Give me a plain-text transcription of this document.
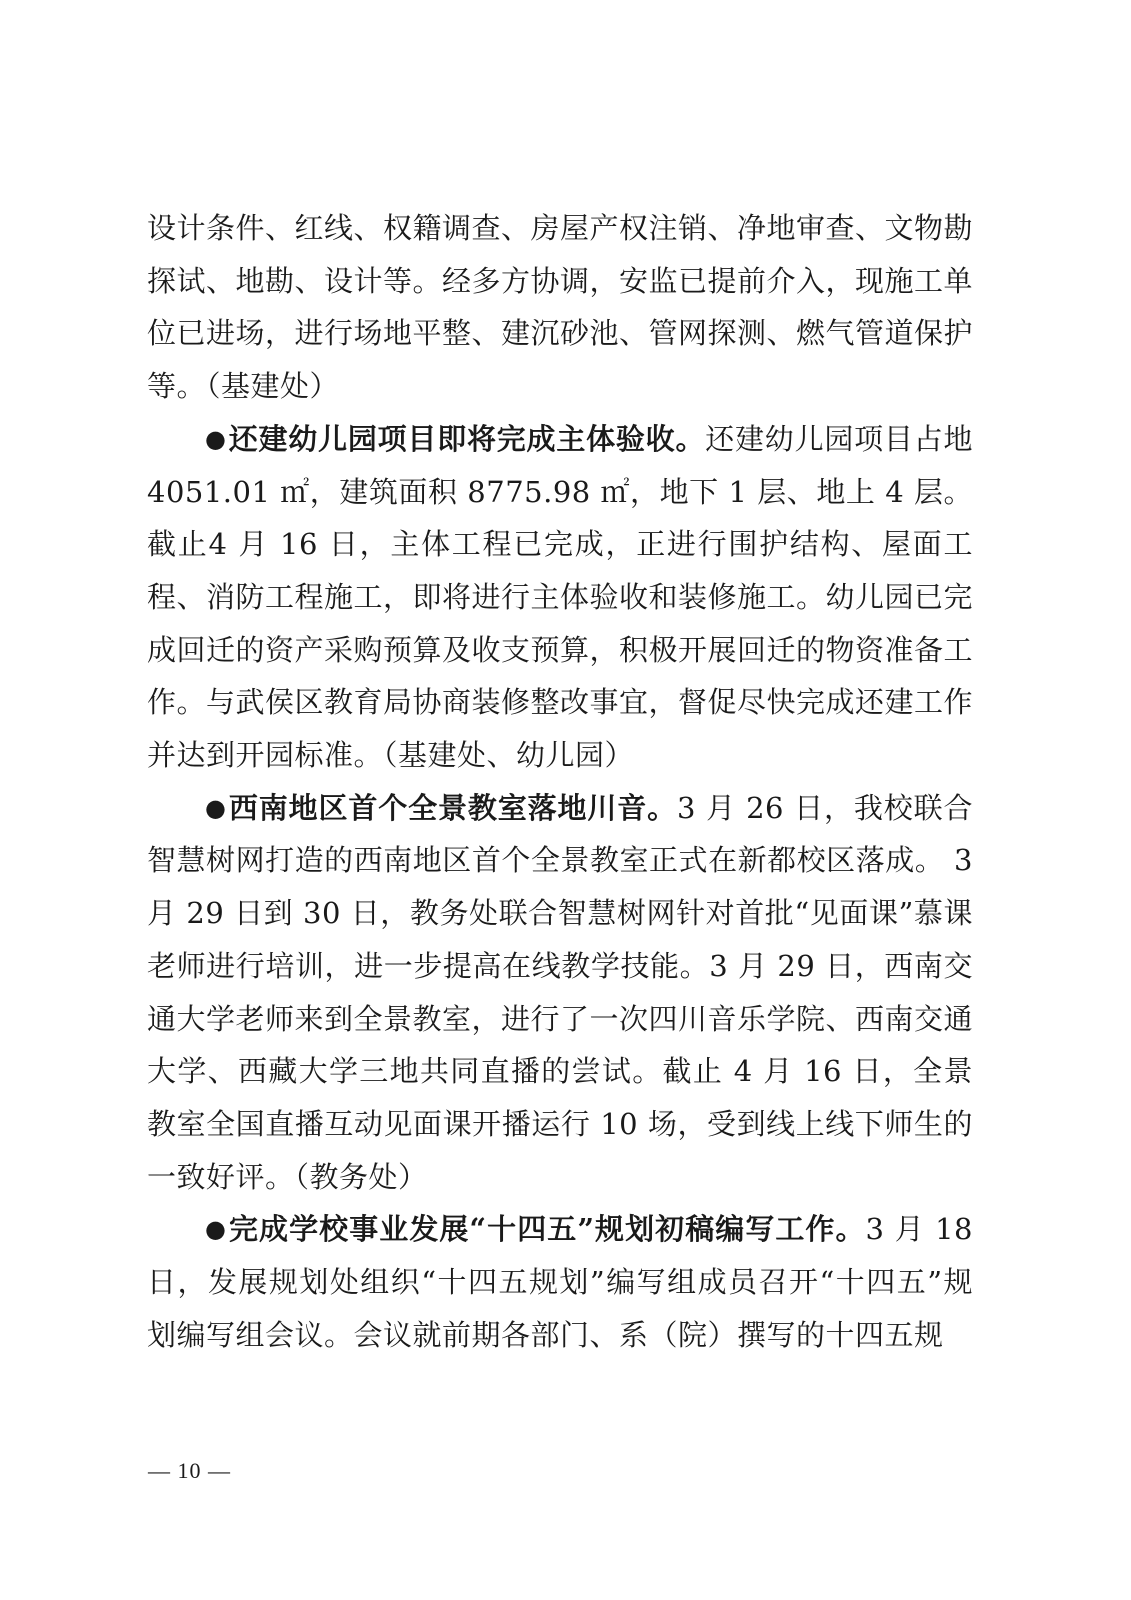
设计条件、红线、权籍调查、房屋产权注销、净地审查、文物勘探试、地勘、设计等。经多方协调，安监已提前介入，现施工单位已进场，进行场地平整、建沉砂池、管网探测、燃气管道保护等。（基建处）

●还建幼儿园项目即将完成主体验收。还建幼儿园项目占地4051.01 ㎡，建筑面积 8775.98 ㎡，地下 1 层、地上 4 层。截止4 月 16 日，主体工程已完成，正进行围护结构、屋面工程、消防工程施工，即将进行主体验收和装修施工。幼儿园已完成回迁的资产采购预算及收支预算，积极开展回迁的物资准备工作。与武侯区教育局协商装修整改事宜，督促尽快完成还建工作并达到开园标准。（基建处、幼儿园）

●西南地区首个全景教室落地川音。3 月 26 日，我校联合智慧树网打造的西南地区首个全景教室正式在新都校区落成。 3 月 29 日到 30 日，教务处联合智慧树网针对首批“见面课”慕课老师进行培训，进一步提高在线教学技能。3 月 29 日，西南交通大学老师来到全景教室，进行了一次四川音乐学院、西南交通大学、西藏大学三地共同直播的尝试。截止 4 月 16 日，全景教室全国直播互动见面课开播运行 10 场，受到线上线下师生的一致好评。（教务处）

●完成学校事业发展“十四五”规划初稿编写工作。3 月 18 日，发展规划处组织“十四五规划”编写组成员召开“十四五”规划编写组会议。会议就前期各部门、系（院）撰写的十四五规

— 10 —
